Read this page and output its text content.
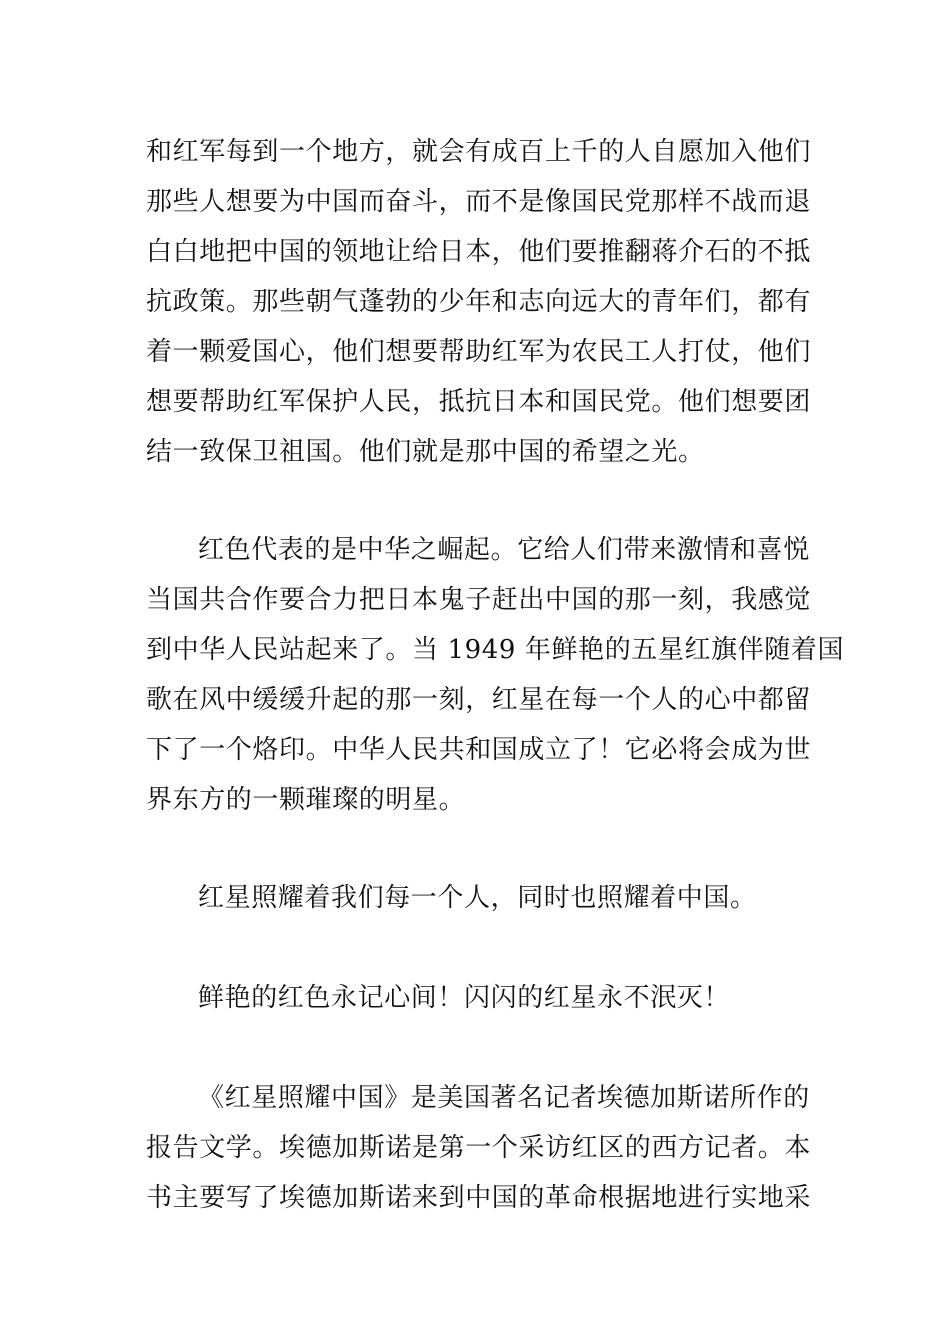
和红军每到一个地方，就会有成百上千的人自愿加入他们
那些人想要为中国而奋斗，而不是像国民党那样不战而退
白白地把中国的领地让给日本，他们要推翻蒋介石的不抵
抗政策。那些朝气蓬勃的少年和志向远大的青年们，都有
着一颗爱国心，他们想要帮助红军为农民工人打仗，他们
想要帮助红军保护人民，抵抗日本和国民党。他们想要团
结一致保卫祖国。他们就是那中国的希望之光。
红色代表的是中华之崛起。它给人们带来激情和喜悦
当国共合作要合力把日本鬼子赶出中国的那一刻，我感觉
到中华人民站起来了。当 1949 年鲜艳的五星红旗伴随着国
歌在风中缓缓升起的那一刻，红星在每一个人的心中都留
下了一个烙印。中华人民共和国成立了！它必将会成为世
界东方的一颗璀璨的明星。
红星照耀着我们每一个人，同时也照耀着中国。
鲜艳的红色永记心间！闪闪的红星永不泯灭！
《红星照耀中国》是美国著名记者埃德加斯诺所作的
报告文学。埃德加斯诺是第一个采访红区的西方记者。本
书主要写了埃德加斯诺来到中国的革命根据地进行实地采
